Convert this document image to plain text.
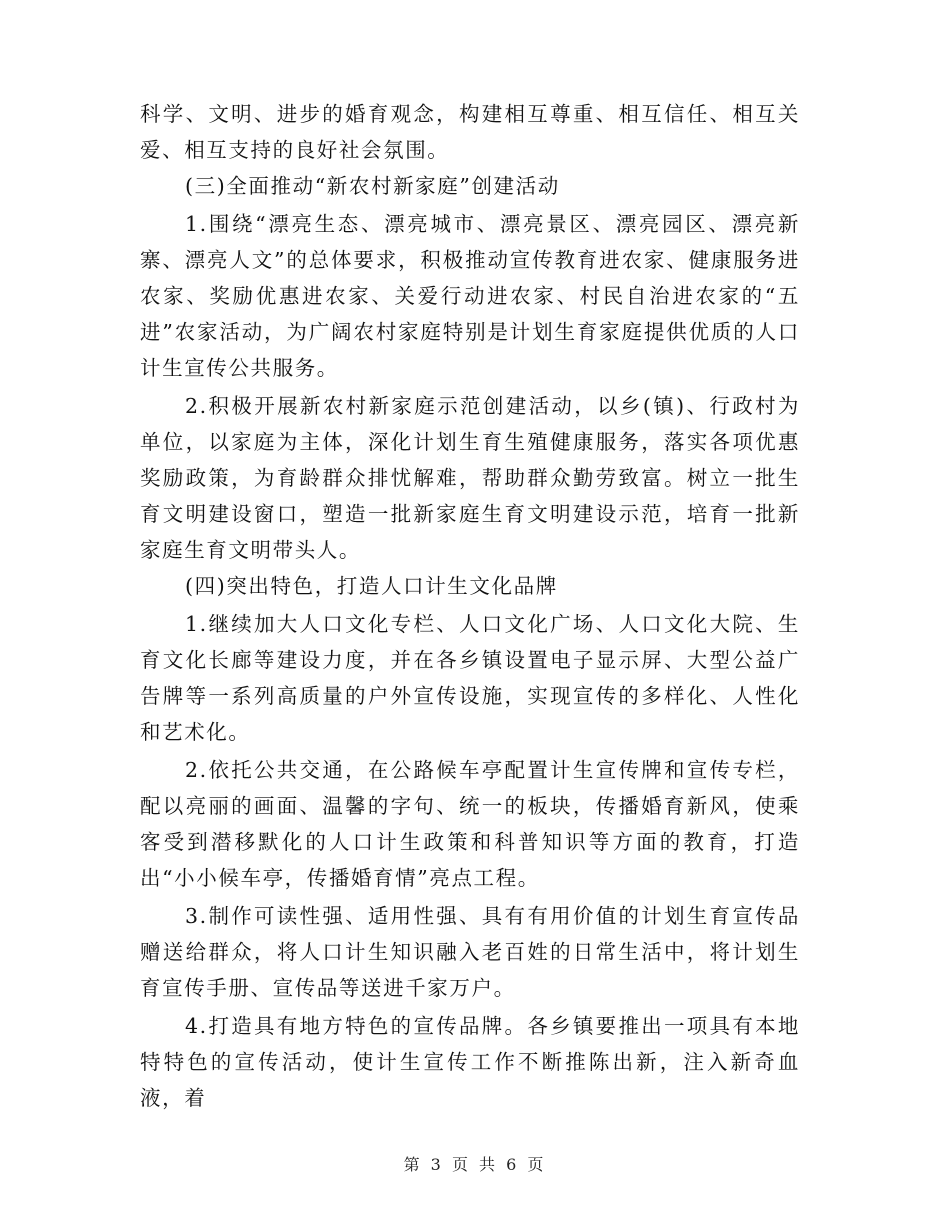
科学、文明、进步的婚育观念，构建相互尊重、相互信任、相互关爱、相互支持的良好社会氛围。

(三)全面推动“新农村新家庭”创建活动

1.围绕“漂亮生态、漂亮城市、漂亮景区、漂亮园区、漂亮新寨、漂亮人文”的总体要求，积极推动宣传教育进农家、健康服务进农家、奖励优惠进农家、关爱行动进农家、村民自治进农家的“五进”农家活动，为广阔农村家庭特别是计划生育家庭提供优质的人口计生宣传公共服务。

2.积极开展新农村新家庭示范创建活动，以乡(镇)、行政村为单位，以家庭为主体，深化计划生育生殖健康服务，落实各项优惠奖励政策，为育龄群众排忧解难，帮助群众勤劳致富。树立一批生育文明建设窗口，塑造一批新家庭生育文明建设示范，培育一批新家庭生育文明带头人。

(四)突出特色，打造人口计生文化品牌

1.继续加大人口文化专栏、人口文化广场、人口文化大院、生育文化长廊等建设力度，并在各乡镇设置电子显示屏、大型公益广告牌等一系列高质量的户外宣传设施，实现宣传的多样化、人性化和艺术化。

2.依托公共交通，在公路候车亭配置计生宣传牌和宣传专栏，配以亮丽的画面、温馨的字句、统一的板块，传播婚育新风，使乘客受到潜移默化的人口计生政策和科普知识等方面的教育，打造出“小小候车亭，传播婚育情”亮点工程。

3.制作可读性强、适用性强、具有有用价值的计划生育宣传品赠送给群众，将人口计生知识融入老百姓的日常生活中，将计划生育宣传手册、宣传品等送进千家万户。

4.打造具有地方特色的宣传品牌。各乡镇要推出一项具有本地特特色的宣传活动，使计生宣传工作不断推陈出新，注入新奇血液，着

第 3 页 共 6 页
